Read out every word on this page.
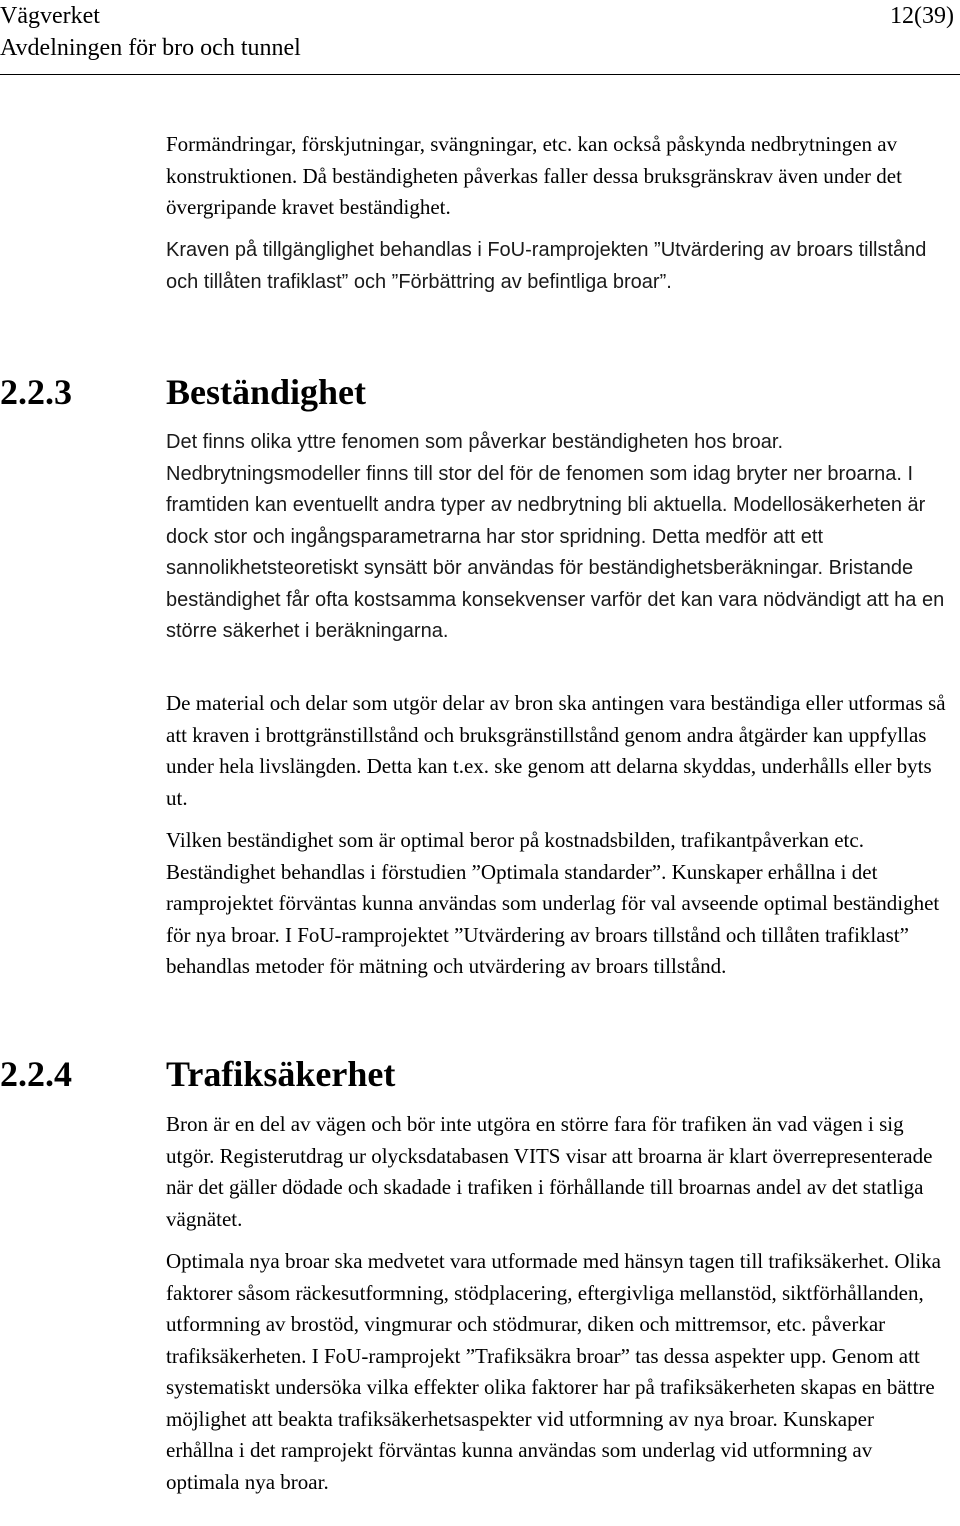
Vägverket
Avdelningen för bro och tunnel
12(39)

Formändringar, förskjutningar, svängningar, etc. kan också påskynda nedbrytningen av konstruktionen. Då beständigheten påverkas faller dessa bruksgränskrav även under det övergripande kravet beständighet.

Kraven på tillgänglighet behandlas i FoU-ramprojekten ”Utvärdering av broars tillstånd och tillåten trafiklast” och ”Förbättring av befintliga broar”.

2.2.3	Beständighet

Det finns olika yttre fenomen som påverkar beständigheten hos broar. Nedbrytningsmodeller finns till stor del för de fenomen som idag bryter ner broarna. I framtiden kan eventuellt andra typer av nedbrytning bli aktuella. Modellosäkerheten är dock stor och ingångsparametrarna har stor spridning. Detta medför att ett sannolikhetsteoretiskt synsätt bör användas för beständighetsberäkningar. Bristande beständighet får ofta kostsamma konsekvenser varför det kan vara nödvändigt att ha en större säkerhet i beräkningarna.

De material och delar som utgör delar av bron ska antingen vara beständiga eller utformas så att kraven i brottgränstillstånd och bruksgränstillstånd genom andra åtgärder kan uppfyllas under hela livslängden. Detta kan t.ex. ske genom att delarna skyddas, underhålls eller byts ut.

Vilken beständighet som är optimal beror på kostnadsbilden, trafikantpåverkan etc. Beständighet behandlas i förstudien ”Optimala standarder”. Kunskaper erhållna i det ramprojektet förväntas kunna användas som underlag för val avseende optimal beständighet för nya broar. I FoU-ramprojektet ”Utvärdering av broars tillstånd och tillåten trafiklast” behandlas metoder för mätning och utvärdering av broars tillstånd.

2.2.4	Trafiksäkerhet

Bron är en del av vägen och bör inte utgöra en större fara för trafiken än vad vägen i sig utgör. Registerutdrag ur olycksdatabasen VITS visar att broarna är klart överrepresenterade när det gäller dödade och skadade i trafiken i förhållande till broarnas andel av det statliga vägnätet.

Optimala nya broar ska medvetet vara utformade med hänsyn tagen till trafiksäkerhet. Olika faktorer såsom räckesutformning, stödplacering, eftergivliga mellanstöd, siktförhållanden, utformning av brostöd, vingmurar och stödmurar, diken och mittremsor, etc. påverkar trafiksäkerheten. I FoU-ramprojekt ”Trafiksäkra broar” tas dessa aspekter upp. Genom att systematiskt undersöka vilka effekter olika faktorer har på trafiksäkerheten skapas en bättre möjlighet att beakta trafiksäkerhetsaspekter vid utformning av nya broar. Kunskaper erhållna i det ramprojekt förväntas kunna användas som underlag vid utformning av optimala nya broar.
